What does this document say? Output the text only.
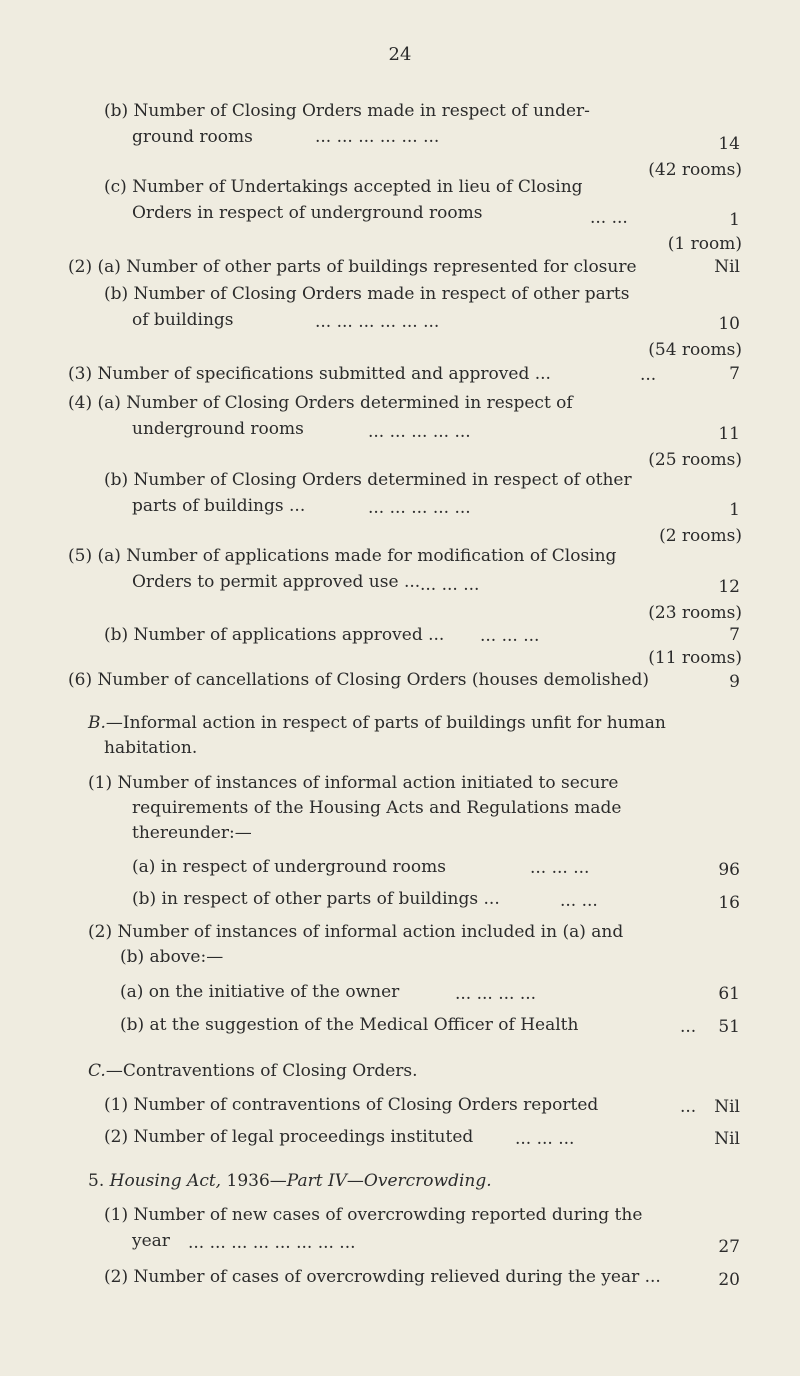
24
(b) Number of Closing Orders made in respect of under-
ground rooms	... ... ... ... ... ...	14
(42 rooms)
(c) Number of Undertakings accepted in lieu of Closing
Orders in respect of underground rooms	... ...	1
(1 room)
(2) (a) Number of other parts of buildings represented for closure	Nil
(b) Number of Closing Orders made in respect of other parts
of buildings	... ... ... ... ... ...	10
(54 rooms)
(3) Number of specifications submitted and approved ...	...	7
(4) (a) Number of Closing Orders determined in respect of
underground rooms	... ... ... ... ...	11
(25 rooms)
(b) Number of Closing Orders determined in respect of other
parts of buildings ...	... ... ... ... ...	1
(2 rooms)
(5) (a) Number of applications made for modification of Closing
Orders to permit approved use ... ... ... ...	12
(23 rooms)
(b) Number of applications approved ... ... ... ...	7
(11 rooms)
(6) Number of cancellations of Closing Orders (houses demolished)	9
B.—Informal action in respect of parts of buildings unfit for human
habitation.
(1) Number of instances of informal action initiated to secure
requirements of the Housing Acts and Regulations made
thereunder:—
(a) in respect of underground rooms	... ... ...	96
(b) in respect of other parts of buildings ...	... ...	16
(2) Number of instances of informal action included in (a) and
(b) above:—
(a) on the initiative of the owner	... ... ... ...	61
(b) at the suggestion of the Medical Officer of Health	... 51
C.—Contraventions of Closing Orders.
(1) Number of contraventions of Closing Orders reported	... Nil
(2) Number of legal proceedings instituted ... ... ...	Nil
5. Housing Act, 1936—Part IV—Overcrowding.
(1) Number of new cases of overcrowding reported during the
year ... ... ... ... ... ... ... ...	27
(2) Number of cases of overcrowding relieved during the year ...	20
